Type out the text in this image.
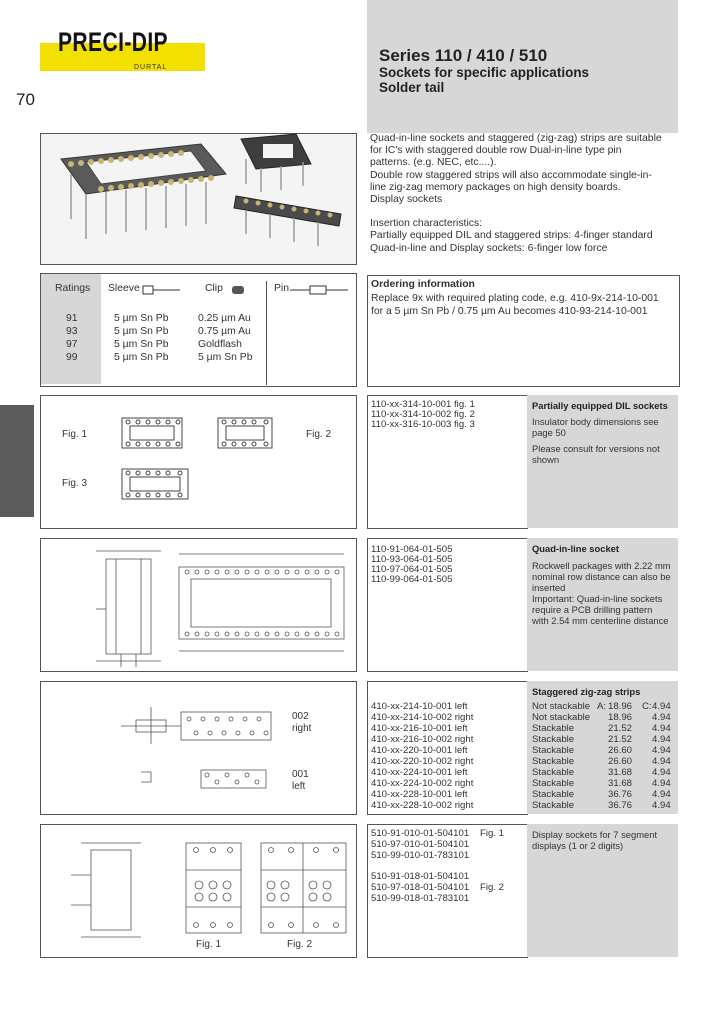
PRECI-DIP
DURTAL
70
Series 110 / 410 / 510
Sockets for specific applications
Solder tail
Quad-in-line sockets and staggered (zig-zag) strips are suitable
for IC's with staggered double row Dual-in-line type pin
patterns. (e.g. NEC, etc....).
Double row staggered strips will also accommodate single-in-
line zig-zag memory packages on high density boards.
Display sockets
Insertion characteristics:
Partially equipped DIL and staggered strips: 4-finger standard
Quad-in-line and Display sockets: 6-finger low force
Ratings Sleeve	Clip	Pin
91	5 µm Sn Pb	0.25 µm Au
93	5 µm Sn Pb	0.75 µm Au
97	5 µm Sn Pb	Goldflash
99	5 µm Sn Pb	5 µm Sn Pb
Ordering information
Replace 9x with required plating code, e.g. 410-9x-214-10-001
for a 5 µm Sn Pb / 0.75 µm Au becomes 410-93-214-10-001
Fig. 1	Fig. 2
Fig. 3
110-xx-314-10-001 fig. 1
110-xx-314-10-002 fig. 2
110-xx-316-10-003 fig. 3
Partially equipped DIL sockets
Insulator body dimensions see
page 50
Please consult for versions not
shown
110-91-064-01-505
110-93-064-01-505
110-97-064-01-505
110-99-064-01-505
Quad-in-line socket
Rockwell packages with 2.22 mm
nominal row distance can also be
inserted
Important: Quad-in-line sockets
require a PCB drilling pattern
with 2.54 mm centerline distance
002
right
001
left
410-xx-214-10-001 left
410-xx-214-10-002 right
410-xx-216-10-001 left
410-xx-216-10-002 right
410-xx-220-10-001 left
410-xx-220-10-002 right
410-xx-224-10-001 left
410-xx-224-10-002 right
410-xx-228-10-001 left
410-xx-228-10-002 right
Staggered zig-zag strips
Not stackable A: 18.96 C: 4.94
Not stackable 18.96 4.94
Stackable	21.52 4.94
Stackable	21.52 4.94
Stackable	26.60 4.94
Stackable	26.60 4.94
Stackable	31.68 4.94
Stackable	31.68 4.94
Stackable	36.76 4.94
Stackable	36.76 4.94
Fig. 1	Fig. 2
510-91-010-01-504101 Fig. 1
510-97-010-01-504101
510-99-010-01-783101
510-91-018-01-504101
510-97-018-01-504101 Fig. 2
510-99-018-01-783101
Display sockets for 7 segment
displays (1 or 2 digits)
